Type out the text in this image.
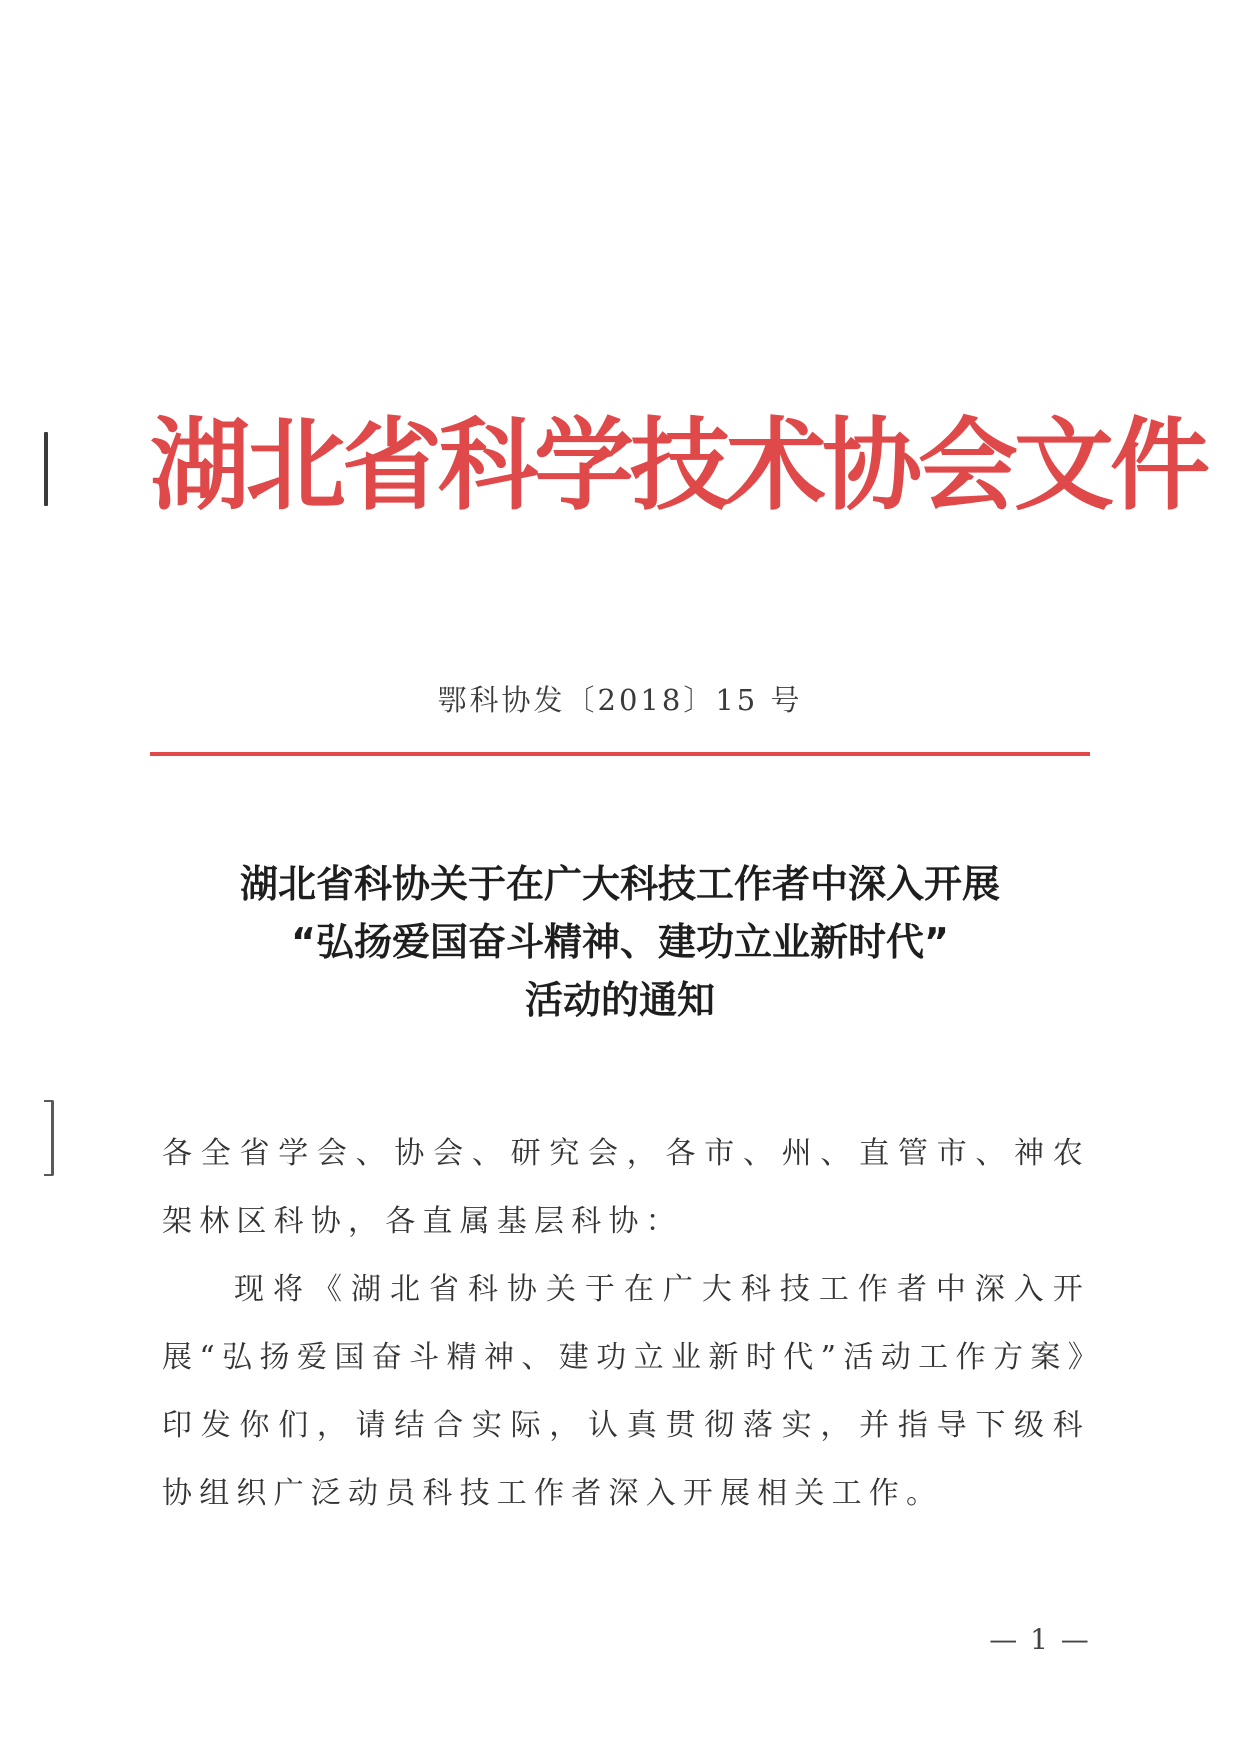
湖北省科学技术协会文件
鄂科协发〔2018〕15 号
湖北省科协关于在广大科技工作者中深入开展
“弘扬爱国奋斗精神、建功立业新时代”
活动的通知

各全省学会、协会、研究会，各市、州、直管市、神农架林区科协，各直属基层科协：

现将《湖北省科协关于在广大科技工作者中深入开展“弘扬爱国奋斗精神、建功立业新时代”活动工作方案》印发你们，请结合实际，认真贯彻落实，并指导下级科协组织广泛动员科技工作者深入开展相关工作。

— 1 —
